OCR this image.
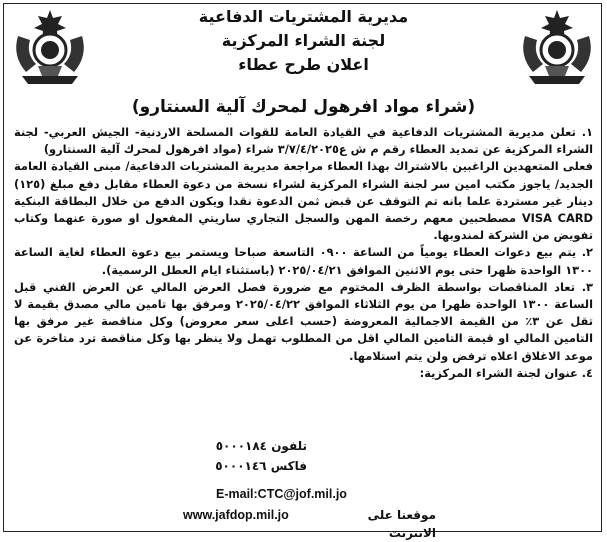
مديرية المشتريات الدفاعية
لجنة الشراء المركزية
اعلان طرح عطاء
(شراء مواد افرهول لمحرك آلية السنتارو)

١. تعلن مديرية المشتريات الدفاعية في القيادة العامة للقوات المسلحة الاردنية- الجيش العربي- لجنة الشراء المركزية عن تمديد العطاء رقم م ش ع٣/٧/٤/٢٠٢٥ شراء (مواد افرهول لمحرك آلية السنتارو)

فعلى المتعهدين الراغبين بالاشتراك بهذا العطاء مراجعة مديرية المشتريات الدفاعية/ مبنى القيادة العامة الجديد/ ياجوز مكتب امين سر لجنة الشراء المركزية لشراء نسخة من دعوة العطاء مقابل دفع مبلغ (١٢٥) دينار غير مستردة علما بانه تم التوقف عن قبض ثمن الدعوة نقدا ويكون الدفع من خلال البطاقة البنكية VISA CARD مصطحبين معهم رخصة المهن والسجل التجاري ساريتي المفعول او صورة عنهما وكتاب تفويض من الشركة لمندوبها.

٢. يتم بيع دعوات العطاء يومياً من الساعة ٠٩٠٠ التاسعة صباحا ويستمر بيع دعوة العطاء لغاية الساعة ١٣٠٠ الواحدة ظهرا حتى يوم الاثنين الموافق ٢٠٢٥/٠٤/٢١ (باستثناء ايام العطل الرسمية).

٣. تعاد المناقصات بواسطة الظرف المختوم مع ضرورة فصل العرض المالي عن العرض الفني قبل الساعة ١٣٠٠ الواحدة ظهرا من يوم الثلاثاء الموافق ٢٠٢٥/٠٤/٢٢ ومرفق بها تامين مالي مصدق بقيمة لا تقل عن ٣٪ من القيمة الاجمالية المعروضة (حسب اعلى سعر معروض) وكل مناقصة غير مرفق بها التامين المالي او قيمة التامين المالي اقل من المطلوب تهمل ولا ينظر بها وكل مناقصة ترد متاخرة عن موعد الاغلاق اعلاه ترفض ولن يتم استلامها.

٤. عنوان لجنة الشراء المركزية:

تلفون ٥٠٠٠١٨٤
فاكس ٥٠٠٠١٤٦
E-mail:CTC@jof.mil.jo
www.jafdop.mil.jo	موقعنا على الانترنت
